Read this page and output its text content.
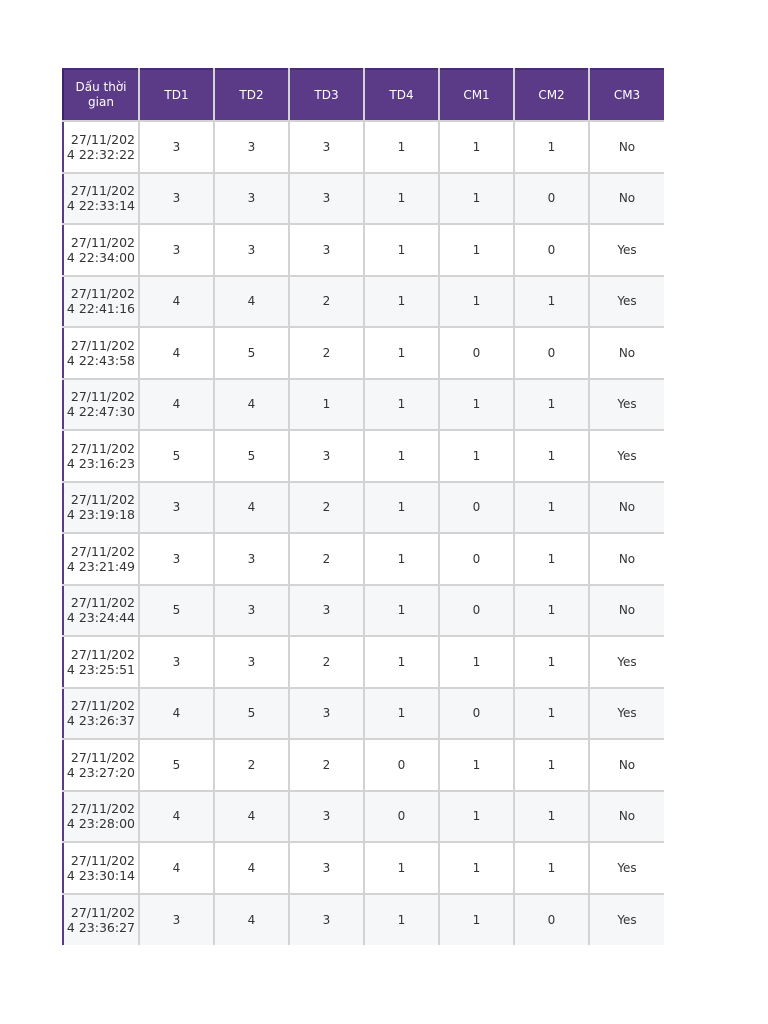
Dấu thời gian	TD1	TD2	TD3	TD4	CM1	CM2	CM3
27/11/2024 22:32:22	3	3	3	1	1	1	No
27/11/2024 22:33:14	3	3	3	1	1	0	No
27/11/2024 22:34:00	3	3	3	1	1	0	Yes
27/11/2024 22:41:16	4	4	2	1	1	1	Yes
27/11/2024 22:43:58	4	5	2	1	0	0	No
27/11/2024 22:47:30	4	4	1	1	1	1	Yes
27/11/2024 23:16:23	5	5	3	1	1	1	Yes
27/11/2024 23:19:18	3	4	2	1	0	1	No
27/11/2024 23:21:49	3	3	2	1	0	1	No
27/11/2024 23:24:44	5	3	3	1	0	1	No
27/11/2024 23:25:51	3	3	2	1	1	1	Yes
27/11/2024 23:26:37	4	5	3	1	0	1	Yes
27/11/2024 23:27:20	5	2	2	0	1	1	No
27/11/2024 23:28:00	4	4	3	0	1	1	No
27/11/2024 23:30:14	4	4	3	1	1	1	Yes
27/11/2024 23:36:27	3	4	3	1	1	0	Yes
